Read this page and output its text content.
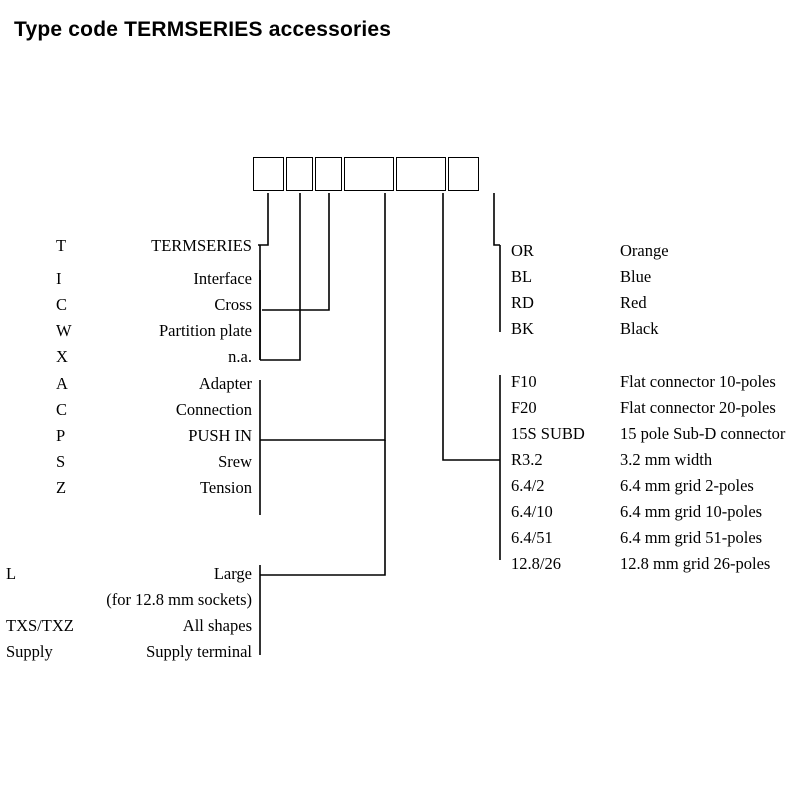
Type code TERMSERIES accessories
T
I
C
W
X
A
C
P
S
Z
L
TXS/TXZ
Supply
TERMSERIES
Interface
Cross
Partition plate
n.a.
Adapter
Connection
PUSH IN
Srew
Tension
Large
(for 12.8 mm sockets)
All shapes
Supply terminal
OR
BL
RD
BK
F10
F20
15S SUBD
R3.2
6.4/2
6.4/10
6.4/51
12.8/26
Orange
Blue
Red
Black
Flat connector 10-poles
Flat connector 20-poles
15 pole Sub-D connector
3.2 mm width
6.4 mm grid 2-poles
6.4 mm grid 10-poles
6.4 mm grid 51-poles
12.8 mm grid 26-poles
